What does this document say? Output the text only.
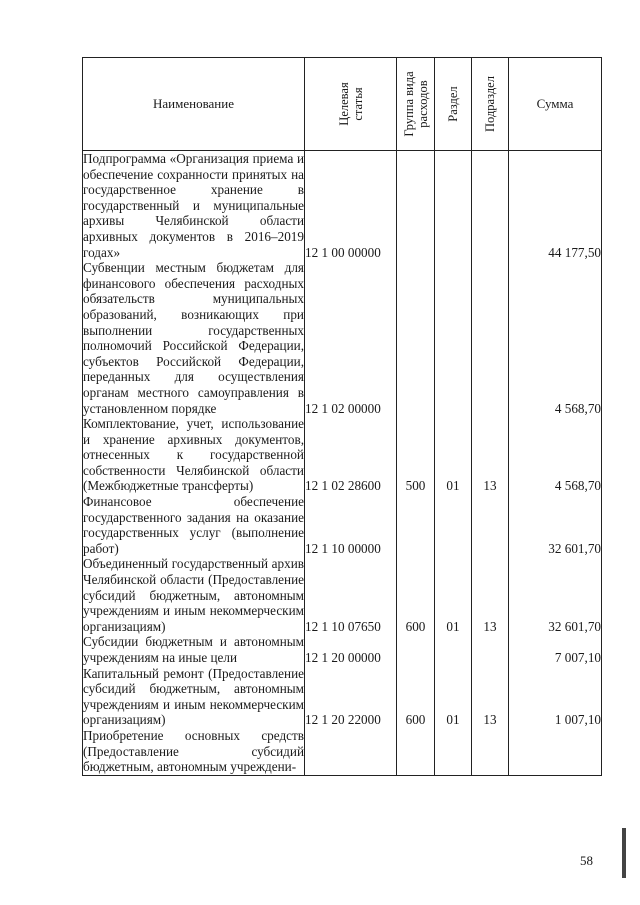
Наименование	Целевая статья	Группа вида расходов	Раздел	Подраздел	Сумма
Подпрограмма «Организация приема и обеспечение сохранности принятых на государственное хранение в государственный и муниципальные архивы Челябинской области архивных документов в 2016–2019 годах»	12 1 00 00000				44 177,50
Субвенции местным бюджетам для финансового обеспечения расходных обязательств муниципальных образований, возникающих при выполнении государственных полномочий Российской Федерации, субъектов Российской Федерации, переданных для осуществления органам местного самоуправления в установленном порядке	12 1 02 00000				4 568,70
Комплектование, учет, использование и хранение архивных документов, отнесенных к государственной собственности Челябинской области (Межбюджетные трансферты)	12 1 02 28600	500	01	13	4 568,70
Финансовое обеспечение государственного задания на оказание государственных услуг (выполнение работ)	12 1 10 00000				32 601,70
Объединенный государственный архив Челябинской области (Предоставление субсидий бюджетным, автономным учреждениям и иным некоммерческим организациям)	12 1 10 07650	600	01	13	32 601,70
Субсидии бюджетным и автономным учреждениям на иные цели	12 1 20 00000				7 007,10
Капитальный ремонт (Предоставление субсидий бюджетным, автономным учреждениям и иным некоммерческим организациям)	12 1 20 22000	600	01	13	1 007,10
Приобретение основных средств (Предоставление субсидий бюджетным, автономным учреждени-					
58
